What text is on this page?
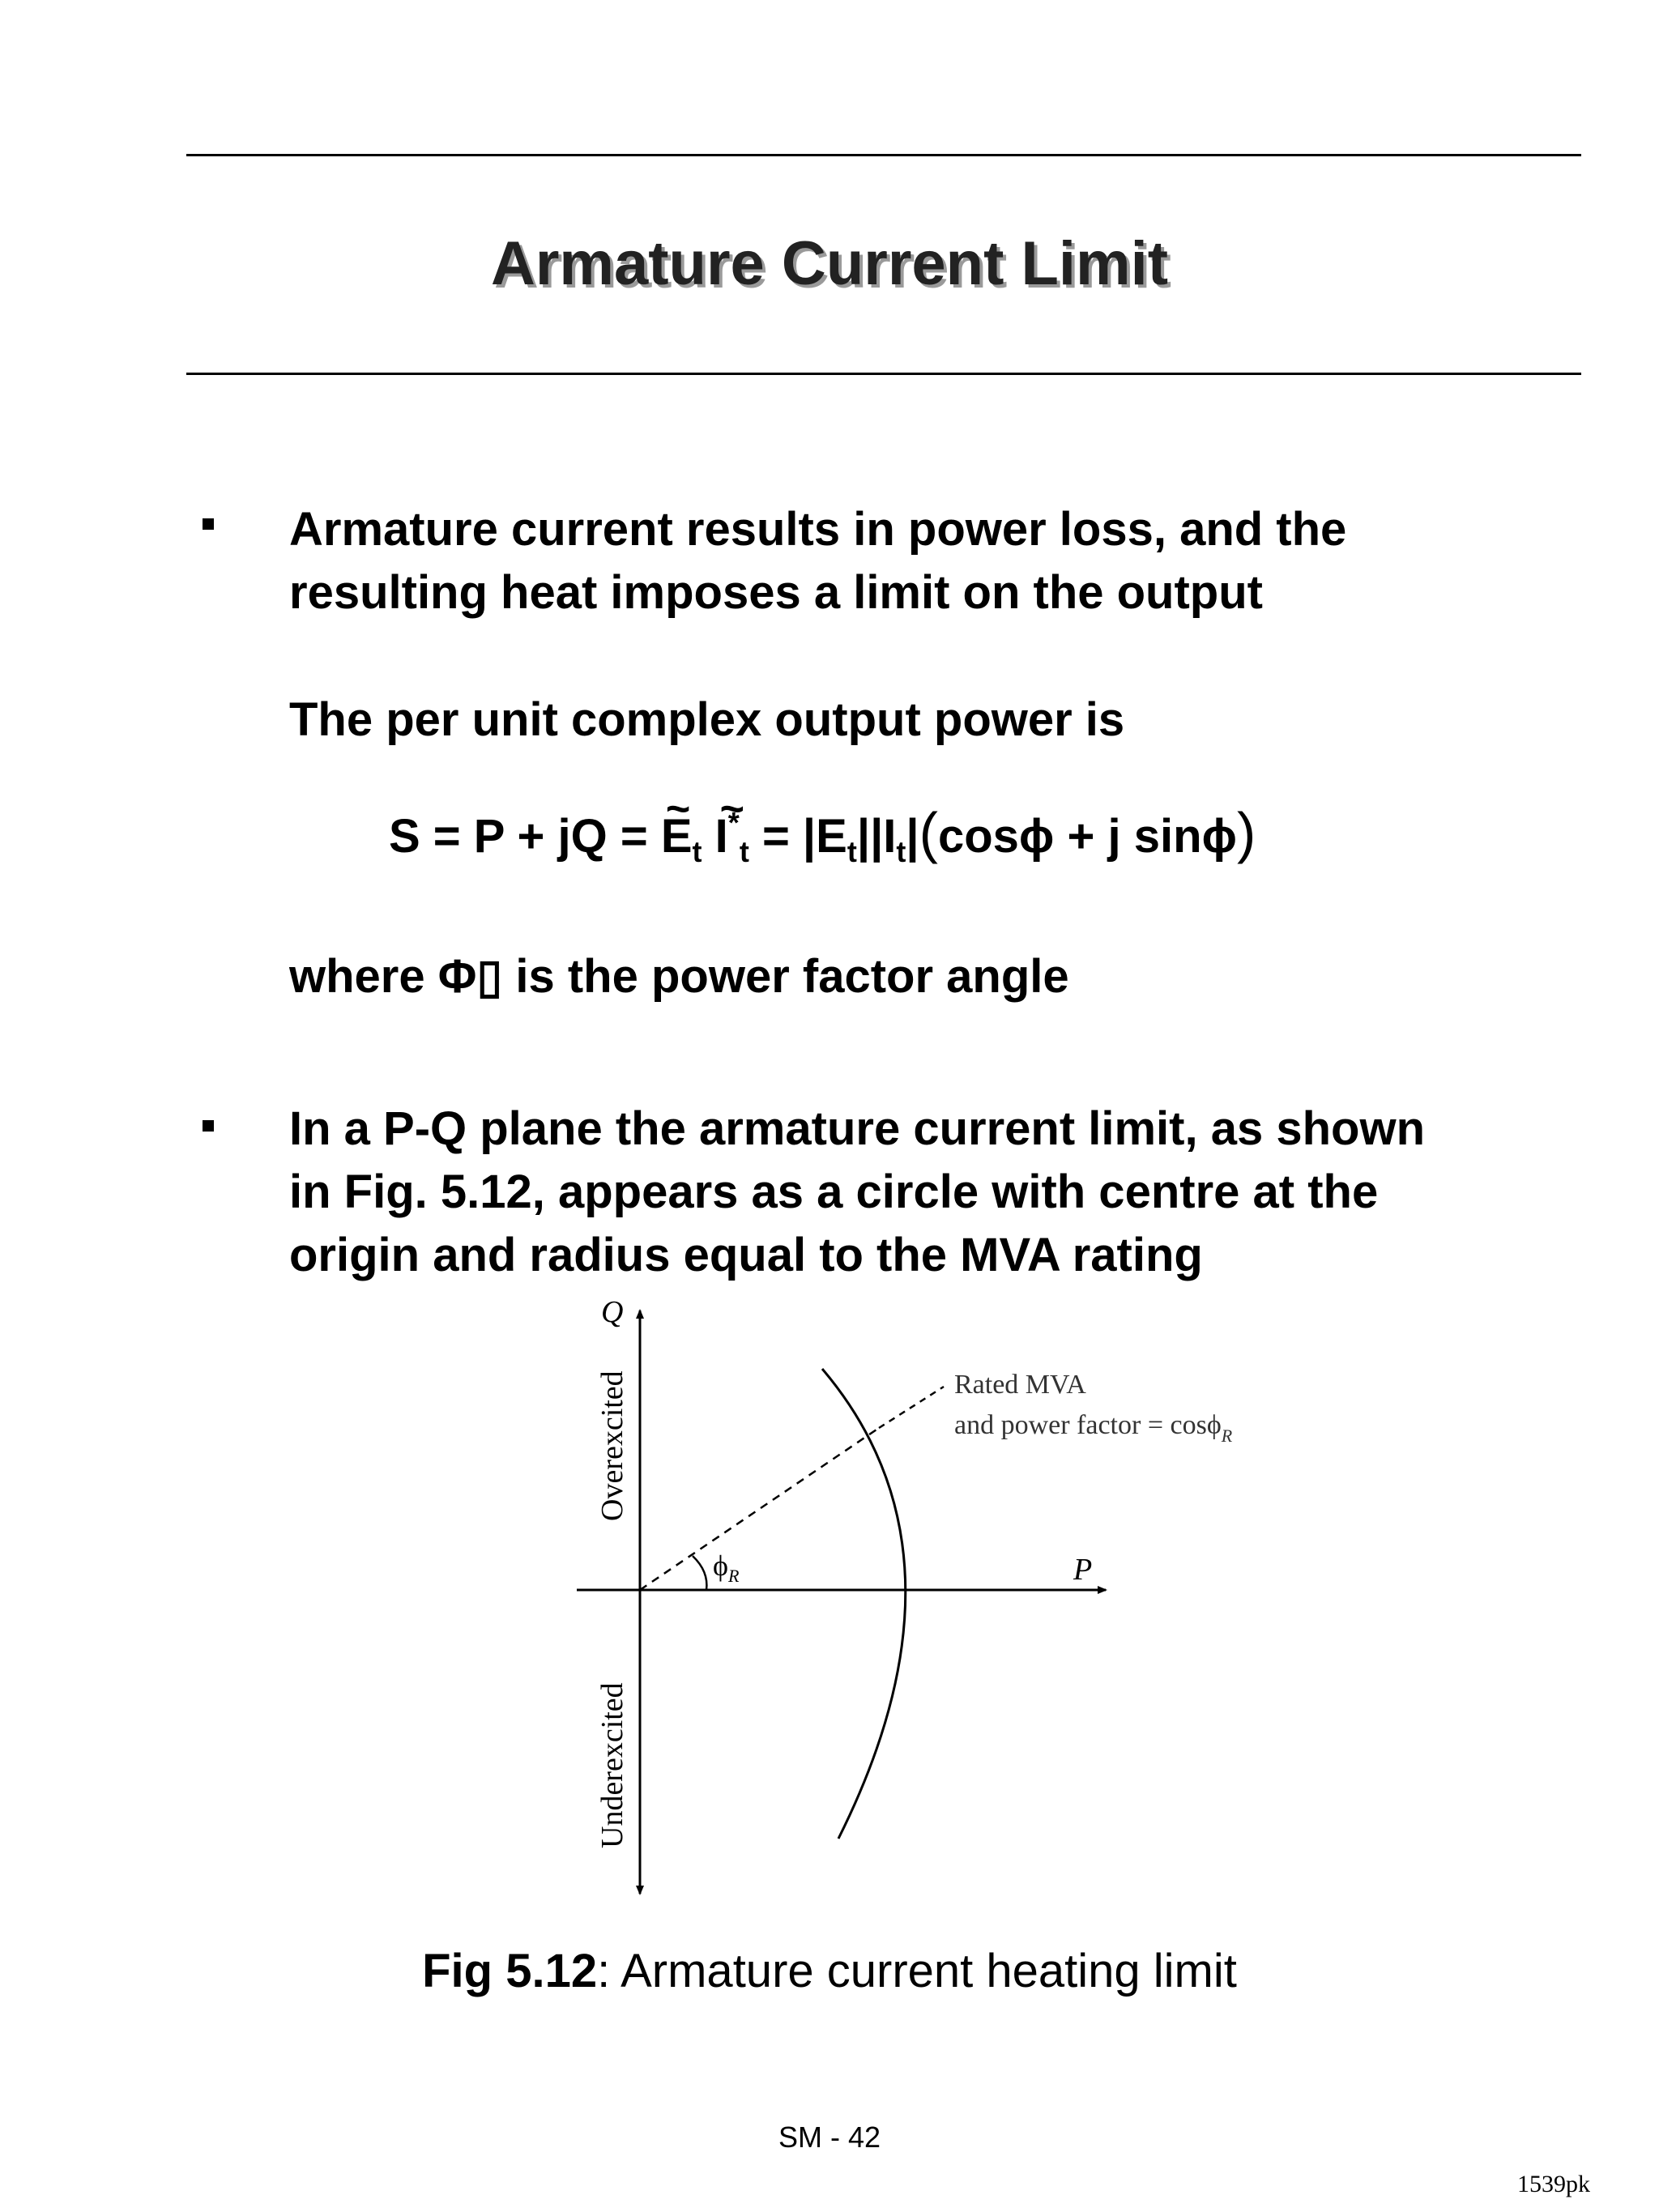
Armature Current Limit
Armature current results in power loss, and the
resulting heat imposes a limit on the output
The per unit complex output power is
S = P + jQ = ~ $E_t$ ~ $I^*_t = |E_t||I_t|(\cos\phi + j$ sinϕ)
where Φ▯ is the power factor angle
In a P-Q plane the armature current limit, as shown
in Fig. 5.12, appears as a circle with centre at the
origin and radius equal to the MVA rating
Q
P
Overexcited
Underexcited
Rated MVA
and power factor = cosϕ$_R$
$\phi_R$
Fig 5.12: Armature current heating limit
SM - 42
1539pk
